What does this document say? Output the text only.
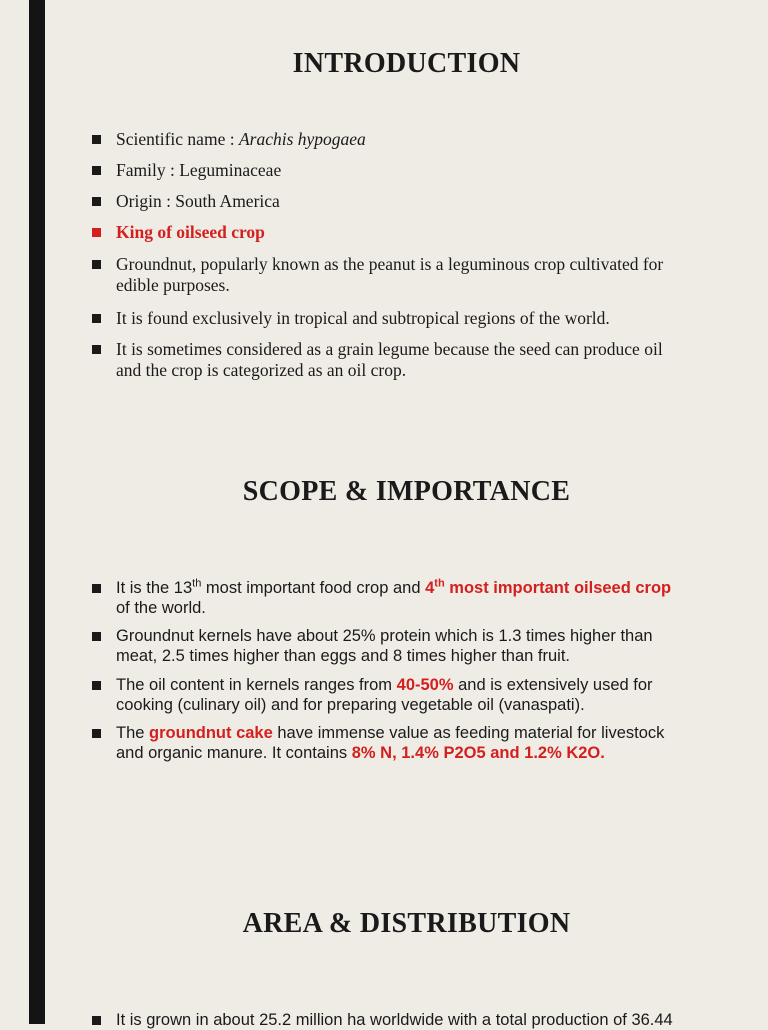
INTRODUCTION
Scientific name : Arachis hypogaea
Family : Leguminaceae
Origin : South America
King of oilseed crop
Groundnut, popularly known as the peanut is a leguminous crop cultivated for edible purposes.
It is found exclusively in tropical and subtropical regions of the world.
It is sometimes considered as a grain legume because the seed can produce oil and the crop is categorized as an oil crop.
SCOPE & IMPORTANCE
It is the 13th most important food crop and 4th most important oilseed crop of the world.
Groundnut kernels have about 25% protein which is 1.3 times higher than meat, 2.5 times higher than eggs and 8 times higher than fruit.
The oil content in kernels ranges from 40-50% and is extensively used for cooking (culinary oil) and for preparing vegetable oil (vanaspati).
The groundnut cake have immense value as feeding material for livestock and organic manure. It contains 8% N, 1.4% P2O5 and 1.2% K2O.
AREA & DISTRIBUTION
It is grown in about 25.2 million ha worldwide with a total production of 36.44
